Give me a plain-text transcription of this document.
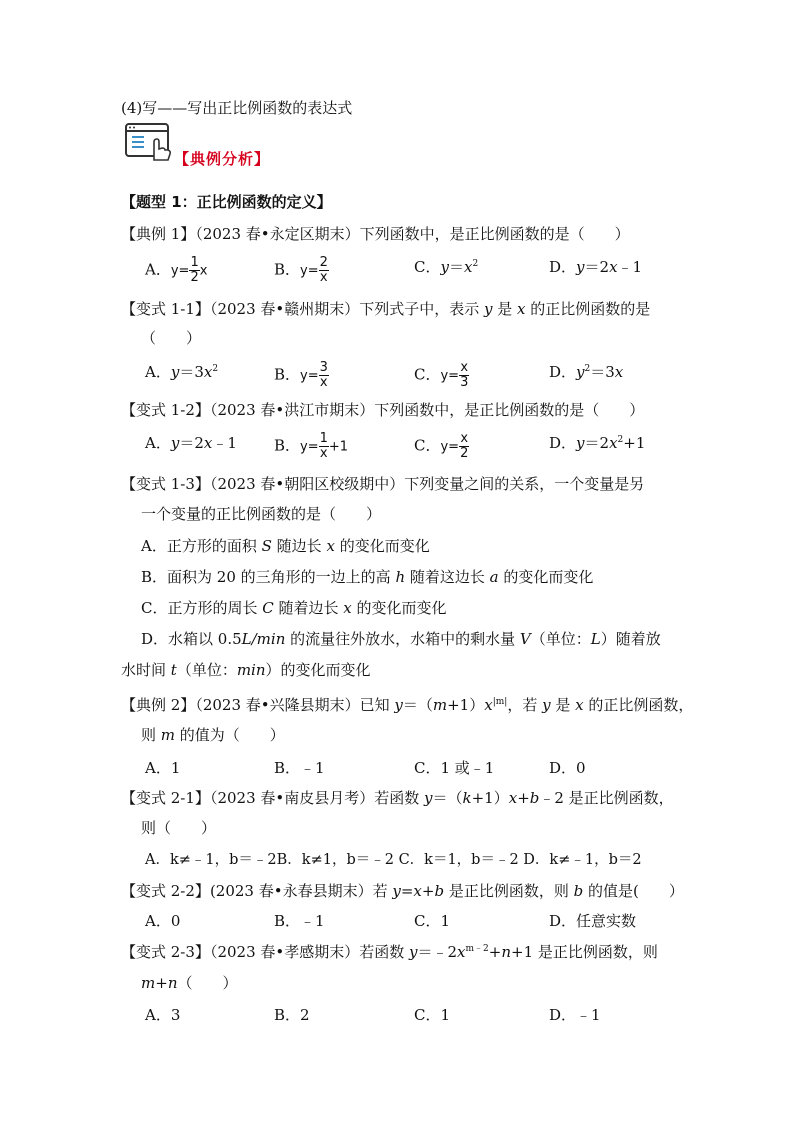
(4)写——写出正比例函数的表达式
【典例分析】
【题型 1：正比例函数的定义】
【典例 1】（2023 春•永定区期末）下列函数中，是正比例函数的是（　　）
A．$y= \frac{1}{2}$ x	B．$y= \frac{2}{x}$	C．$y=x^2$	D．y＝2x﹣1
【变式 1-1】（2023 春•赣州期末）下列式子中，表示 y 是 x 的正比例函数的是
（　　）
A．$y=3x^2$	B．$y= \frac{3}{x}$	C．$y= \frac{x}{3}$	D．$y^2=3x$
【变式 1-2】（2023 春•洪江市期末）下列函数中，是正比例函数的是（　　）
A．y＝2x﹣1 B．$y= \frac{1}{x} +1$	C．$y= \frac{x}{2}$	D．$y=2x^2+1$
【变式 1-3】（2023 春•朝阳区校级期中）下列变量之间的关系，一个变量是另
一个变量的正比例函数的是（　　）
A．正方形的面积 S 随边长 x 的变化而变化
B．面积为 20 的三角形的一边上的高 h 随着这边长 a 的变化而变化
C．正方形的周长 C 随着边长 x 的变化而变化
D．水箱以 0.5L/min 的流量往外放水，水箱中的剩水量 V（单位：L）随着放
水时间 t（单位：min）的变化而变化
【典例 2】（2023 春•兴隆县期末）已知 $y=(m+1)x^{|m|}$，若 y 是 x 的正比例函数，
则 m 的值为（　　）
A．1	B．﹣1	C．1 或﹣1	D．0
【变式 2-1】（2023 春•南皮县月考）若函数 y＝（k+1）x+b﹣2 是正比例函数，
则（　　）
A．k≠﹣1，b＝﹣2B．k≠1，b＝﹣2 C．k＝1，b＝﹣2 D．k≠﹣1，b＝2
【变式 2-2】(2023 春•永春县期末）若 y=x+b 是正比例函数，则 b 的值是(　　）
A．0	B．﹣1	C．1	D．任意实数
【变式 2-3】（2023 春•孝感期末）若函数 $y=﹣2x^{m﹣2}+n+1$ 是正比例函数，则
m+n（　　）
A．3	B．2	C．1	D．﹣1
